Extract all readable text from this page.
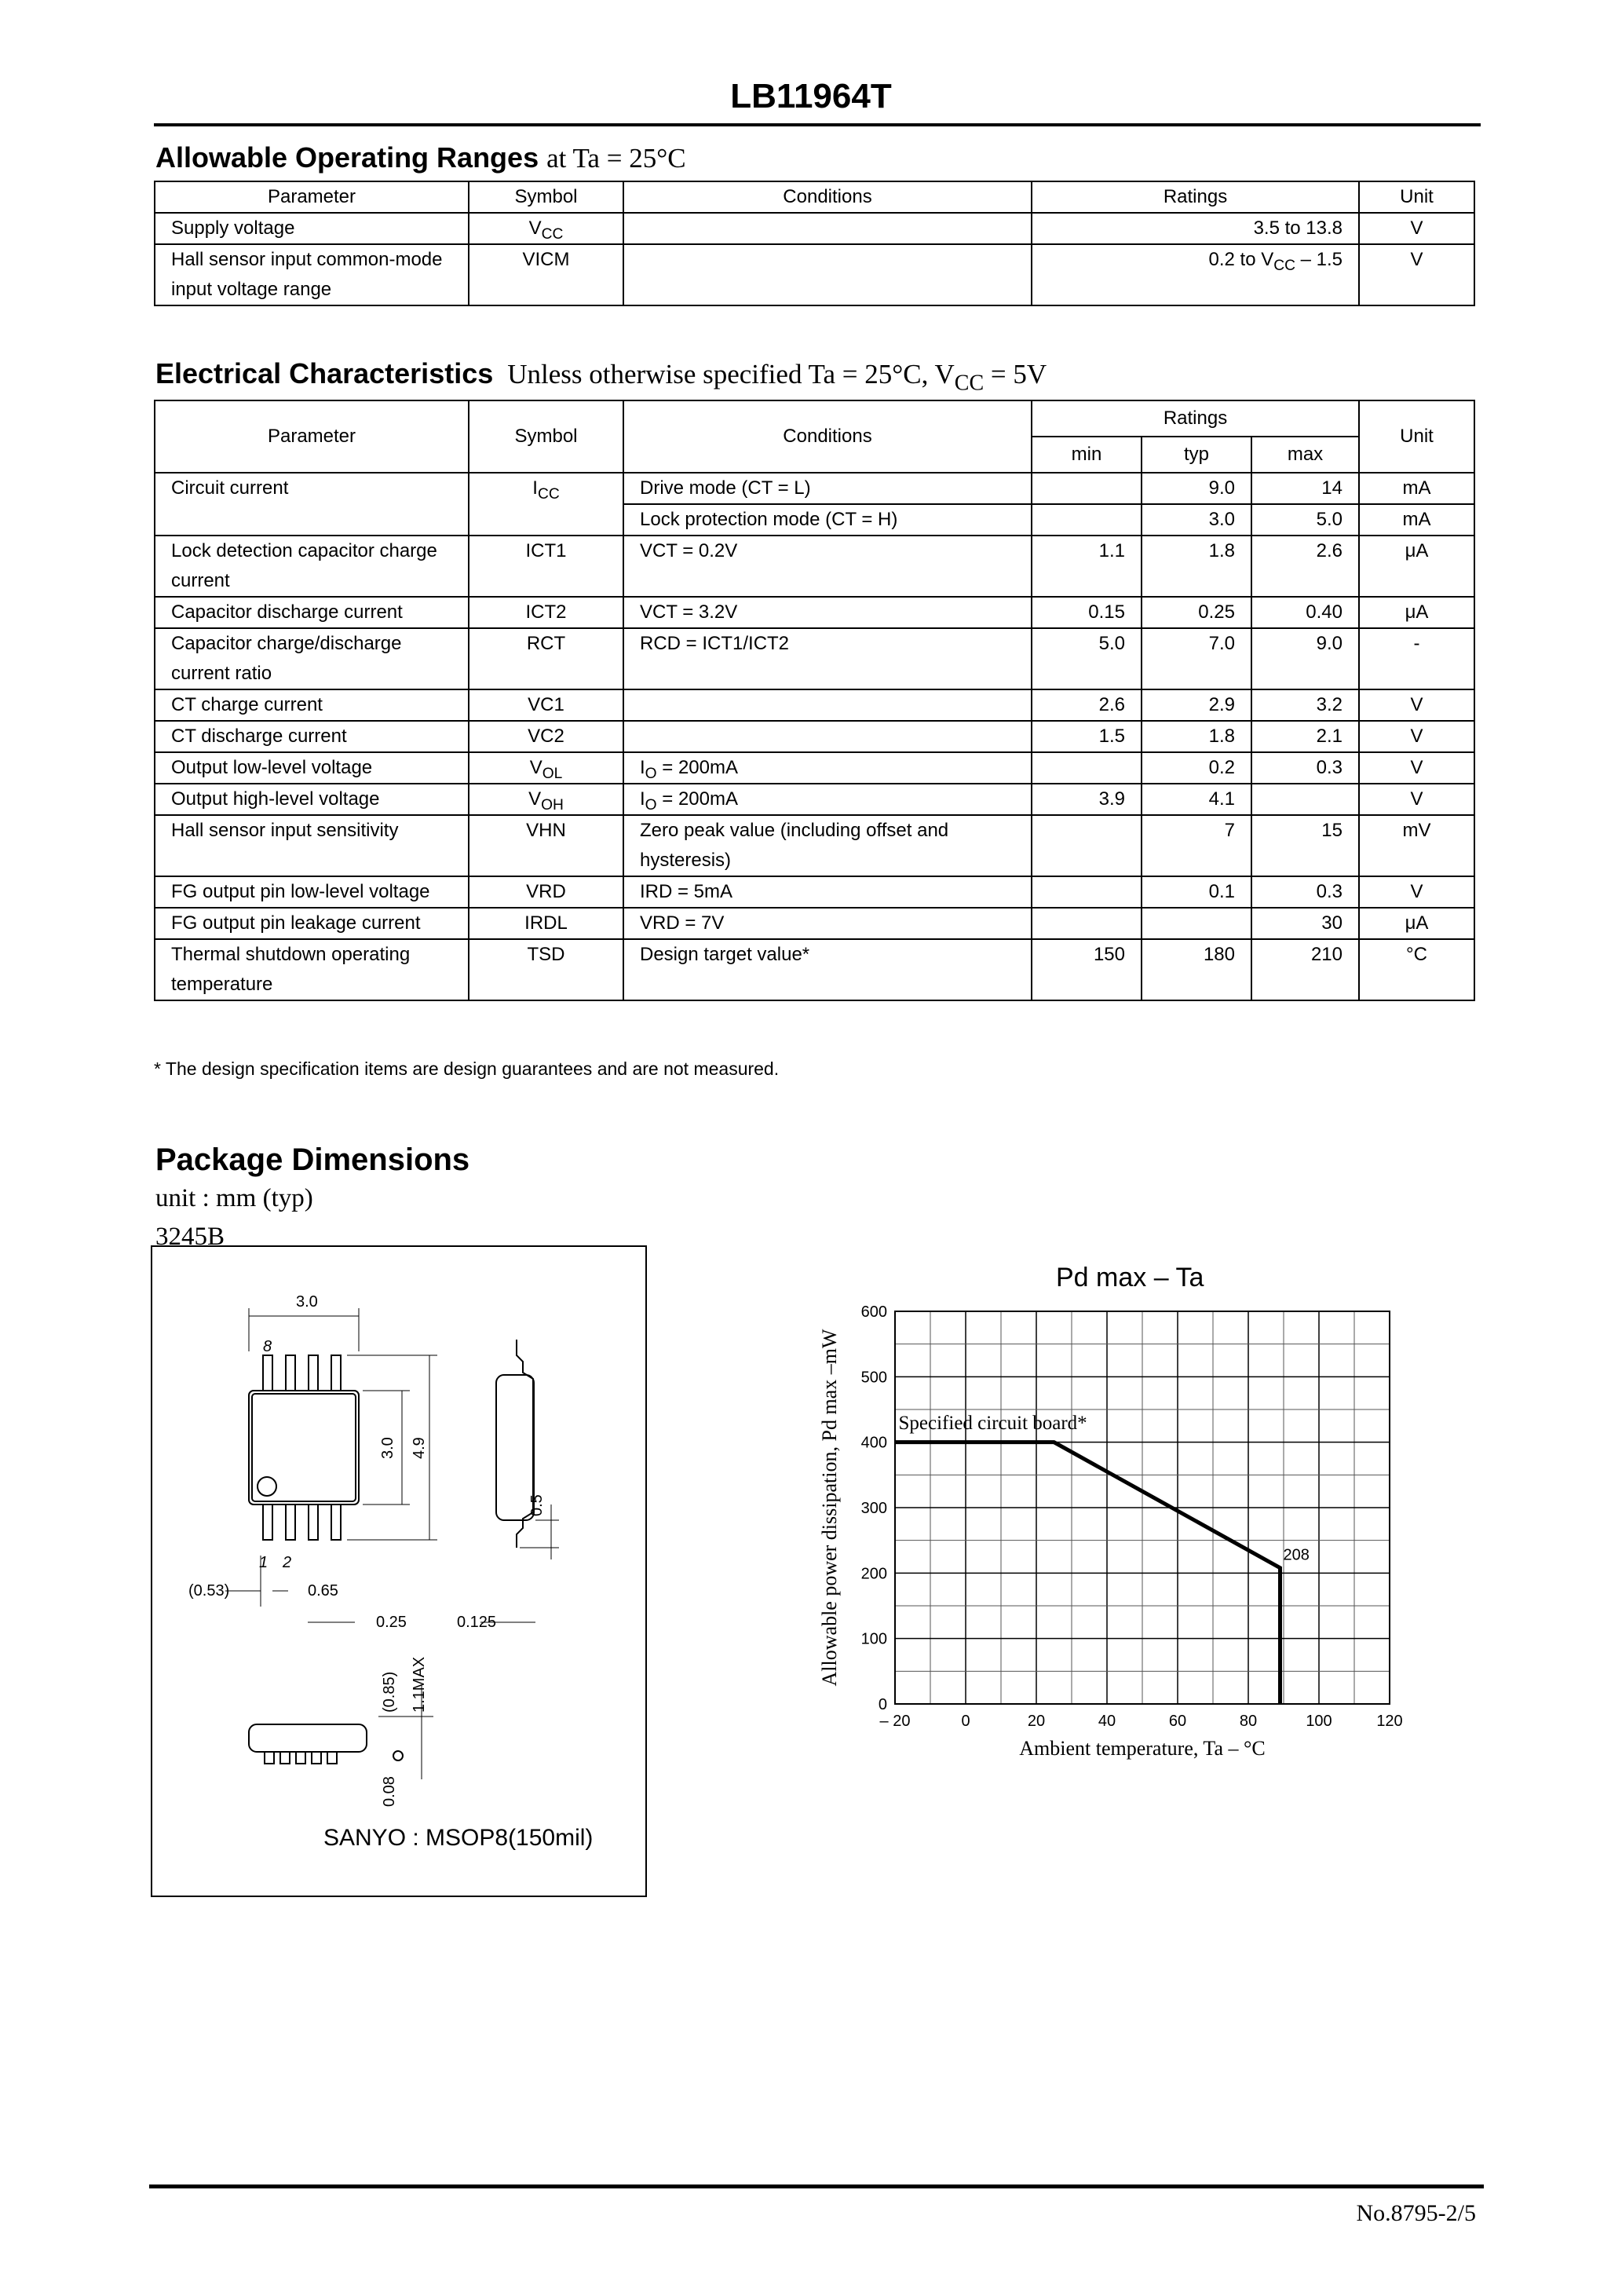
LB11964T
Allowable Operating Ranges at Ta = 25°C
Parameter	Symbol	Conditions	Ratings	Unit
Supply voltage	$V_{CC}$		3.5 to 13.8	V
Hall sensor input common-mode input voltage range	VICM		0.2 to $V_{CC} - 1.5$	V
Electrical Characteristics Unless otherwise specified Ta = 25°C, $V_{CC} = 5V$
Parameter	Symbol	Conditions	Ratings			Unit
			min	typ	max	
Circuit current	$I_{CC}$	Drive mode (CT = L)		9.0	14	mA
		Lock protection mode (CT = H)		3.0	5.0	mA
Lock detection capacitor charge current	ICT1	VCT = 0.2V	1.1	1.8	2.6	μA
Capacitor discharge current	ICT2	VCT = 3.2V	0.15	0.25	0.40	μA
Capacitor charge/discharge current ratio	RCT	RCD = ICT1/ICT2	5.0	7.0	9.0	-
CT charge current	VC1		2.6	2.9	3.2	V
CT discharge current	VC2		1.5	1.8	2.1	V
Output low-level voltage	$V_{OL}$	$I_O = 200mA$		0.2	0.3	V
Output high-level voltage	$V_{OH}$	$I_O = 200mA$	3.9	4.1		V
Hall sensor input sensitivity	VHN	Zero peak value (including offset and hysteresis)		7	15	mV
FG output pin low-level voltage	VRD	IRD = 5mA		0.1	0.3	V
FG output pin leakage current	IRDL	VRD = 7V			30	μA
Thermal shutdown operating temperature	TSD	Design target value*	150	180	210	°C
* The design specification items are design guarantees and are not measured.
Package Dimensions
unit : mm (typ)
3245B
3.0
8
3.0 4.9
0.5
1 2
(0.53)	0.65
0.25	0.125
(0.85) 1.1MAX
0.08
SANYO : MSOP8(150mil)
Pd max – Ta
– 20	0	20	40	60	80	100	120
0
100
200
300
400
500
600
Specified circuit board*
208
Ambient temperature, Ta – °C
Allowable power dissipation, Pd max –mW
No.8795-2/5
